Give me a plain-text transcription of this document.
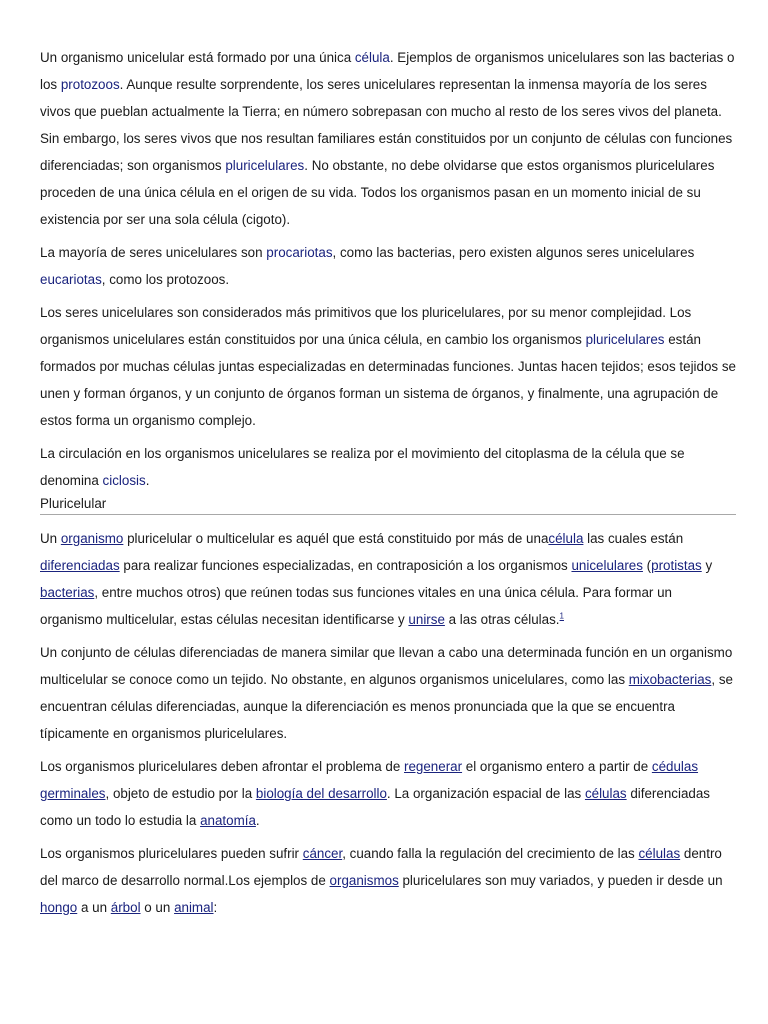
Un organismo unicelular está formado por una única célula. Ejemplos de organismos unicelulares son las bacterias o los protozoos. Aunque resulte sorprendente, los seres unicelulares representan la inmensa mayoría de los seres vivos que pueblan actualmente la Tierra; en número sobrepasan con mucho al resto de los seres vivos del planeta. Sin embargo, los seres vivos que nos resultan familiares están constituidos por un conjunto de células con funciones diferenciadas; son organismos pluricelulares. No obstante, no debe olvidarse que estos organismos pluricelulares proceden de una única célula en el origen de su vida. Todos los organismos pasan en un momento inicial de su existencia por ser una sola célula (cigoto).

La mayoría de seres unicelulares son procariotas, como las bacterias, pero existen algunos seres unicelulares eucariotas, como los protozoos.

Los seres unicelulares son considerados más primitivos que los pluricelulares, por su menor complejidad. Los organismos unicelulares están constituidos por una única célula, en cambio los organismos pluricelulares están formados por muchas células juntas especializadas en determinadas funciones. Juntas hacen tejidos; esos tejidos se unen y forman órganos, y un conjunto de órganos forman un sistema de órganos, y finalmente, una agrupación de estos forma un organismo complejo.

La circulación en los organismos unicelulares se realiza por el movimiento del citoplasma de la célula que se denomina ciclosis.

Pluricelular

Un organismo pluricelular o multicelular es aquél que está constituido por más de unacélula las cuales están diferenciadas para realizar funciones especializadas, en contraposición a los organismos unicelulares (protistas y bacterias, entre muchos otros) que reúnen todas sus funciones vitales en una única célula. Para formar un organismo multicelular, estas células necesitan identificarse y unirse a las otras células.$^1$

Un conjunto de células diferenciadas de manera similar que llevan a cabo una determinada función en un organismo multicelular se conoce como un tejido. No obstante, en algunos organismos unicelulares, como las mixobacterias, se encuentran células diferenciadas, aunque la diferenciación es menos pronunciada que la que se encuentra típicamente en organismos pluricelulares.

Los organismos pluricelulares deben afrontar el problema de regenerar el organismo entero a partir de cédulas germinales, objeto de estudio por la biología del desarrollo. La organización espacial de las células diferenciadas como un todo lo estudia la anatomía.

Los organismos pluricelulares pueden sufrir cáncer, cuando falla la regulación del crecimiento de las células dentro del marco de desarrollo normal.Los ejemplos de organismos pluricelulares son muy variados, y pueden ir desde un hongo a un árbol o un animal:
